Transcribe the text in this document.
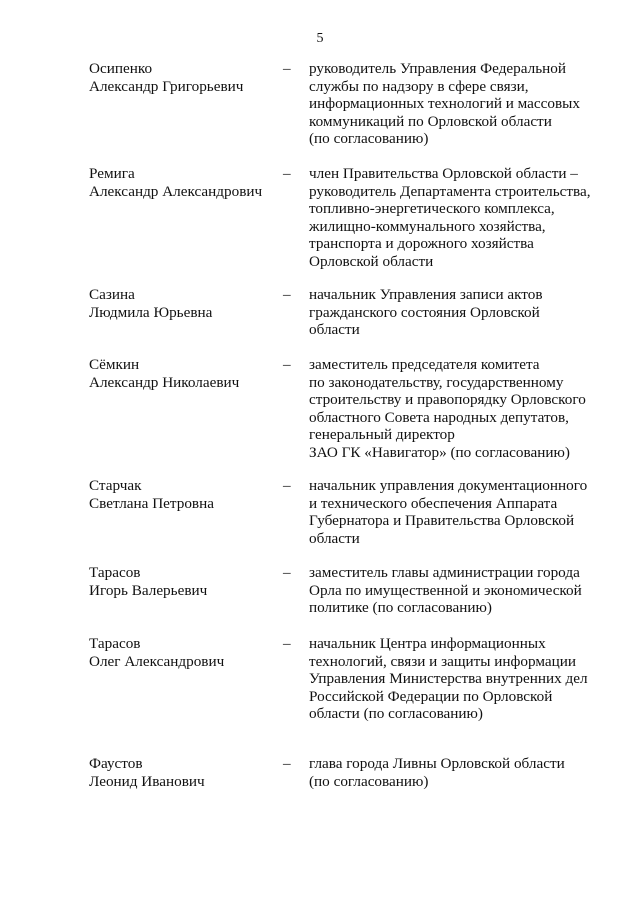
5
Осипенко
Александр Григорьевич
– руководитель Управления Федеральной
службы по надзору в сфере связи,
информационных технологий и массовых
коммуникаций по Орловской области
(по согласованию)
Ремига
Александр Александрович
– член Правительства Орловской области –
руководитель Департамента строительства,
топливно-энергетического комплекса,
жилищно-коммунального хозяйства,
транспорта и дорожного хозяйства
Орловской области
Сазина
Людмила Юрьевна
– начальник Управления записи актов
гражданского состояния Орловской
области
Сёмкин
Александр Николаевич
– заместитель председателя комитета
по законодательству, государственному
строительству и правопорядку Орловского
областного Совета народных депутатов,
генеральный директор
ЗАО ГК «Навигатор» (по согласованию)
Старчак
Светлана Петровна
– начальник управления документационного
и технического обеспечения Аппарата
Губернатора и Правительства Орловской
области
Тарасов
Игорь Валерьевич
– заместитель главы администрации города
Орла по имущественной и экономической
политике (по согласованию)
Тарасов
Олег Александрович
– начальник Центра информационных
технологий, связи и защиты информации
Управления Министерства внутренних дел
Российской Федерации по Орловской
области (по согласованию)
Фаустов
Леонид Иванович
– глава города Ливны Орловской области
(по согласованию)
